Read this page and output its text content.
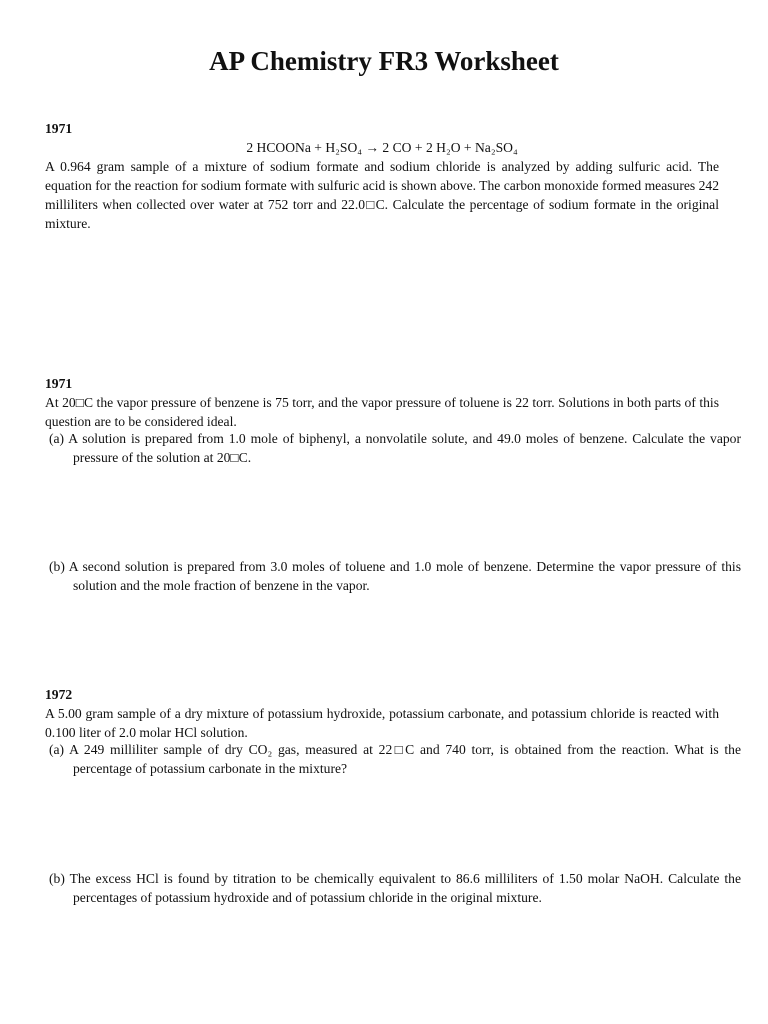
AP Chemistry FR3 Worksheet

1971

2 HCOONa + H₂SO₄ → 2 CO + 2 H₂O + Na₂SO₄

A 0.964 gram sample of a mixture of sodium formate and sodium chloride is analyzed by adding sulfuric acid. The equation for the reaction for sodium formate with sulfuric acid is shown above. The carbon monoxide formed measures 242 milliliters when collected over water at 752 torr and 22.0□C. Calculate the percentage of sodium formate in the original mixture.

1971

At 20□C the vapor pressure of benzene is 75 torr, and the vapor pressure of toluene is 22 torr. Solutions in both parts of this question are to be considered ideal.

(a) A solution is prepared from 1.0 mole of biphenyl, a nonvolatile solute, and 49.0 moles of benzene. Calculate the vapor pressure of the solution at 20□C.

(b) A second solution is prepared from 3.0 moles of toluene and 1.0 mole of benzene. Determine the vapor pressure of this solution and the mole fraction of benzene in the vapor.

1972

A 5.00 gram sample of a dry mixture of potassium hydroxide, potassium carbonate, and potassium chloride is reacted with 0.100 liter of 2.0 molar HCl solution.

(a) A 249 milliliter sample of dry CO₂ gas, measured at 22□C and 740 torr, is obtained from the reaction. What is the percentage of potassium carbonate in the mixture?

(b) The excess HCl is found by titration to be chemically equivalent to 86.6 milliliters of 1.50 molar NaOH. Calculate the percentages of potassium hydroxide and of potassium chloride in the original mixture.
